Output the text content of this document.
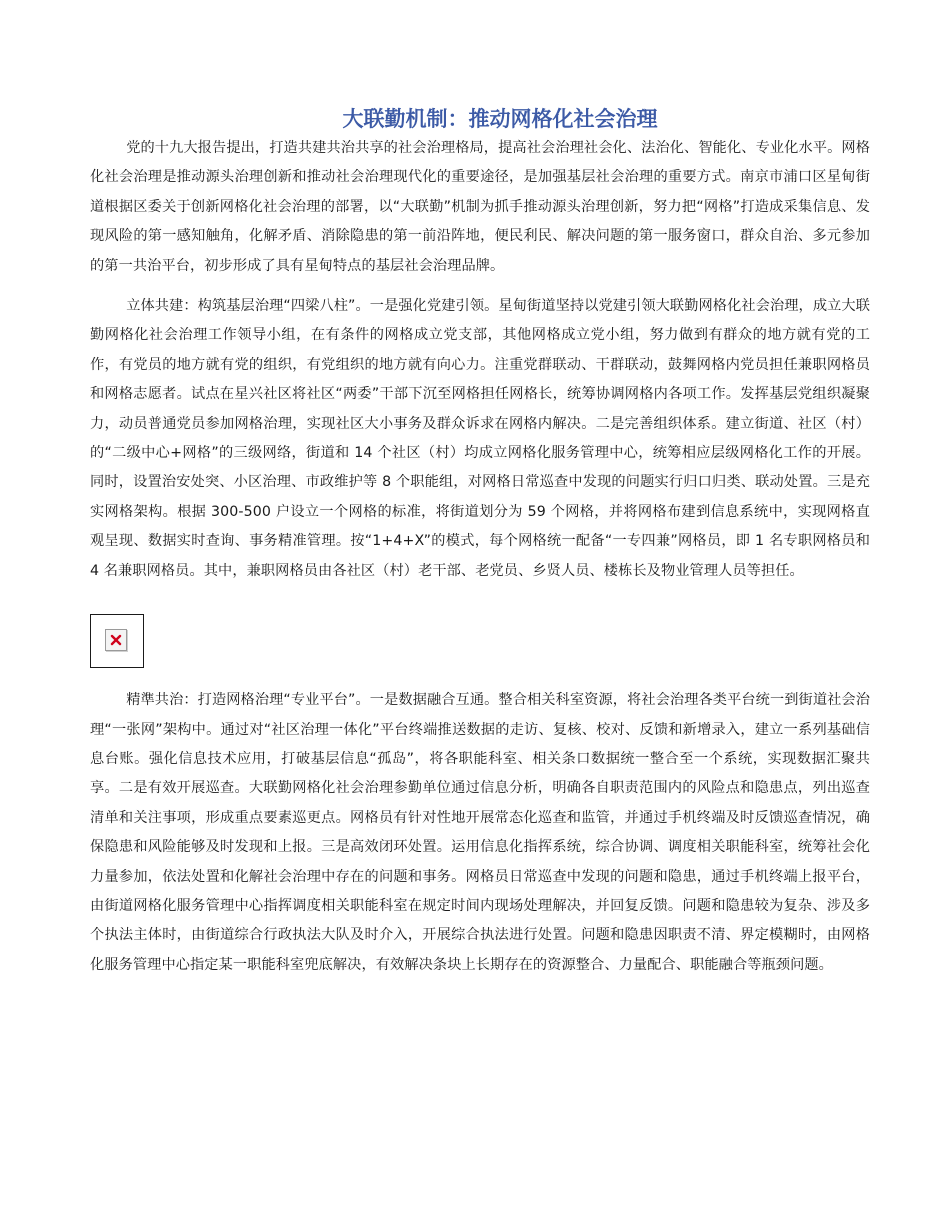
大联勤机制：推动网格化社会治理

党的十九大报告提出，打造共建共治共享的社会治理格局，提高社会治理社会化、法治化、智能化、专业化水平。网格化社会治理是推动源头治理创新和推动社会治理现代化的重要途径，是加强基层社会治理的重要方式。南京市浦口区星甸街道根据区委关于创新网格化社会治理的部署，以“大联勤”机制为抓手推动源头治理创新，努力把“网格”打造成采集信息、发现风险的第一感知触角，化解矛盾、消除隐患的第一前沿阵地，便民利民、解决问题的第一服务窗口，群众自治、多元参加的第一共治平台，初步形成了具有星甸特点的基层社会治理品牌。

立体共建：构筑基层治理“四梁八柱”。一是强化党建引领。星甸街道坚持以党建引领大联勤网格化社会治理，成立大联勤网格化社会治理工作领导小组，在有条件的网格成立党支部，其他网格成立党小组，努力做到有群众的地方就有党的工作，有党员的地方就有党的组织，有党组织的地方就有向心力。注重党群联动、干群联动，鼓舞网格内党员担任兼职网格员和网格志愿者。试点在星兴社区将社区“两委”干部下沉至网格担任网格长，统筹协调网格内各项工作。发挥基层党组织凝聚力，动员普通党员参加网格治理，实现社区大小事务及群众诉求在网格内解决。二是完善组织体系。建立街道、社区（村）的“二级中心+网格”的三级网络，街道和 14 个社区（村）均成立网格化服务管理中心，统筹相应层级网格化工作的开展。同时，设置治安处突、小区治理、市政维护等 8 个职能组，对网格日常巡查中发现的问题实行归口归类、联动处置。三是充实网格架构。根据 300-500 户设立一个网格的标准，将街道划分为 59 个网格，并将网格布建到信息系统中，实现网格直观呈现、数据实时查询、事务精准管理。按“1+4+X”的模式，每个网格统一配备“一专四兼”网格员，即 1 名专职网格员和 4 名兼职网格员。其中，兼职网格员由各社区（村）老干部、老党员、乡贤人员、楼栋长及物业管理人员等担任。

精準共治：打造网格治理“专业平台”。一是数据融合互通。整合相关科室资源，将社会治理各类平台统一到街道社会治理“一张网”架构中。通过对“社区治理一体化”平台终端推送数据的走访、复核、校对、反馈和新增录入，建立一系列基础信息台账。强化信息技术应用，打破基层信息“孤岛”，将各职能科室、相关条口数据统一整合至一个系统，实现数据汇聚共享。二是有效开展巡查。大联勤网格化社会治理参勤单位通过信息分析，明确各自职责范围内的风险点和隐患点，列出巡查清单和关注事项，形成重点要素巡更点。网格员有针对性地开展常态化巡查和监管，并通过手机终端及时反馈巡查情况，确保隐患和风险能够及时发现和上报。三是高效闭环处置。运用信息化指挥系统，综合协调、调度相关职能科室，统筹社会化力量参加，依法处置和化解社会治理中存在的问题和事务。网格员日常巡查中发现的问题和隐患，通过手机终端上报平台，由街道网格化服务管理中心指挥调度相关职能科室在规定时间内现场处理解决，并回复反馈。问题和隐患较为复杂、涉及多个执法主体时，由街道综合行政执法大队及时介入，开展综合执法进行处置。问题和隐患因职责不清、界定模糊时，由网格化服务管理中心指定某一职能科室兜底解决，有效解决条块上长期存在的资源整合、力量配合、职能融合等瓶颈问题。
